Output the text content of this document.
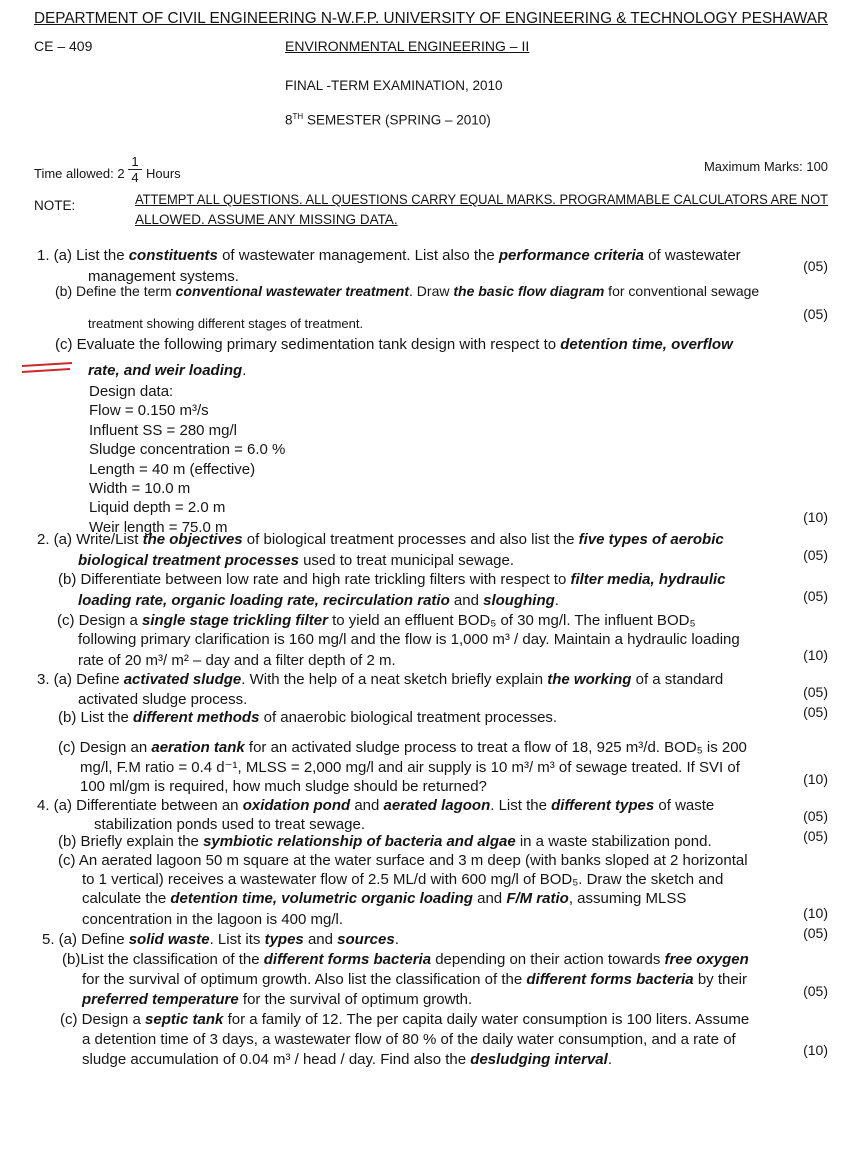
DEPARTMENT OF CIVIL ENGINEERING N-W.F.P. UNIVERSITY OF ENGINEERING & TECHNOLOGY PESHAWAR
CE – 409	ENVIRONMENTAL ENGINEERING – II
FINAL -TERM EXAMINATION, 2010
8TH SEMESTER (SPRING – 2010)
Time allowed: $2 \frac{1}{4}$ Hours	Maximum Marks: 100
NOTE:	ATTEMPT ALL QUESTIONS. ALL QUESTIONS CARRY EQUAL MARKS. PROGRAMMABLE CALCULATORS ARE NOT
ALLOWED. ASSUME ANY MISSING DATA.
1. (a) List the constituents of wastewater management. List also the performance criteria of wastewater
management systems.
(05)
(b) Define the term conventional wastewater treatment. Draw the basic flow diagram for conventional sewage
treatment showing different stages of treatment.
(05)
(c) Evaluate the following primary sedimentation tank design with respect to detention time, overflow
rate, and weir loading.
Design data:
Flow = 0.150 m³/s
Influent SS = 280 mg/l
Sludge concentration = 6.0 %
Length = 40 m (effective)
Width = 10.0 m
Liquid depth = 2.0 m
Weir length = 75.0 m
(10)
2. (a) Write/List the objectives of biological treatment processes and also list the five types of aerobic
biological treatment processes used to treat municipal sewage.	(05)
(b) Differentiate between low rate and high rate trickling filters with respect to filter media, hydraulic
loading rate, organic loading rate, recirculation ratio and sloughing.	(05)
(c) Design a single stage trickling filter to yield an effluent BOD₅ of 30 mg/l. The influent BOD₅
following primary clarification is 160 mg/l and the flow is 1,000 m³ / day. Maintain a hydraulic loading
rate of 20 m³/ m² – day and a filter depth of 2 m.	(10)
3. (a) Define activated sludge. With the help of a neat sketch briefly explain the working of a standard
activated sludge process.	(05)
(b) List the different methods of anaerobic biological treatment processes.	(05)
(c) Design an aeration tank for an activated sludge process to treat a flow of 18, 925 m³/d. BOD₅ is 200
mg/l, F.M ratio = 0.4 d⁻¹, MLSS = 2,000 mg/l and air supply is 10 m³/ m³ of sewage treated. If SVI of
100 ml/gm is required, how much sludge should be returned?	(10)
4. (a) Differentiate between an oxidation pond and aerated lagoon. List the different types of waste
stabilization ponds used to treat sewage.	(05)
(b) Briefly explain the symbiotic relationship of bacteria and algae in a waste stabilization pond.	(05)
(c) An aerated lagoon 50 m square at the water surface and 3 m deep (with banks sloped at 2 horizontal
to 1 vertical) receives a wastewater flow of 2.5 ML/d with 600 mg/l of BOD₅. Draw the sketch and
calculate the detention time, volumetric organic loading and F/M ratio, assuming MLSS
concentration in the lagoon is 400 mg/l.	(10)
5. (a) Define solid waste. List its types and sources.	(05)
(b)List the classification of the different forms bacteria depending on their action towards free oxygen
for the survival of optimum growth. Also list the classification of the different forms bacteria by their
preferred temperature for the survival of optimum growth.	(05)
(c) Design a septic tank for a family of 12. The per capita daily water consumption is 100 liters. Assume
a detention time of 3 days, a wastewater flow of 80 % of the daily water consumption, and a rate of
sludge accumulation of 0.04 m³ / head / day. Find also the desludging interval.
(10)
